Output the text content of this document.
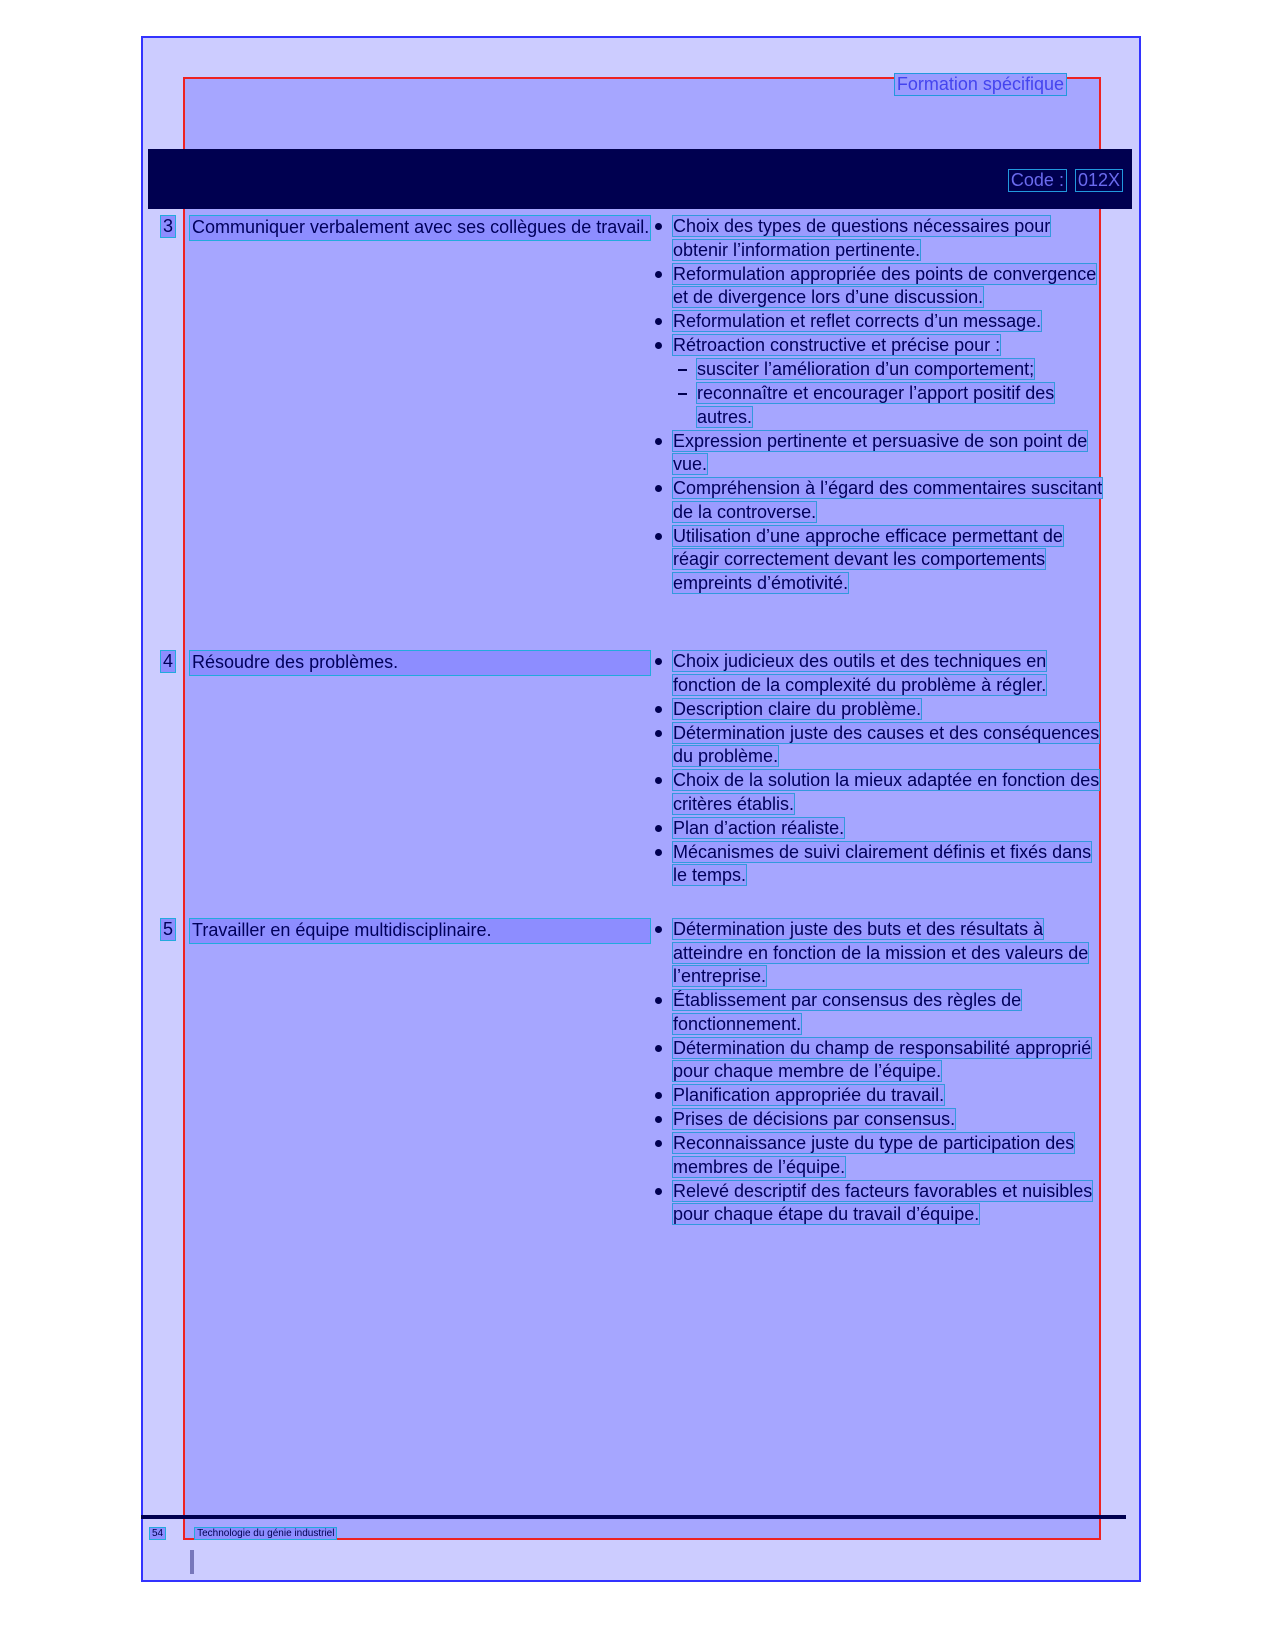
Formation spécifique
Code : 012X
3 Communiquer verbalement avec ses collègues de travail.	Choix des types de questions nécessaires pour obtenir l’information pertinente.
Reformulation appropriée des points de convergence et de divergence lors d’une discussion.
Reformulation et reflet corrects d’un message.
Rétroaction constructive et précise pour :
susciter l’amélioration d’un comportement;
reconnaître et encourager l’apport positif des autres.
Expression pertinente et persuasive de son point de vue.
Compréhension à l’égard des commentaires suscitant de la controverse.
Utilisation d’une approche efficace permettant de réagir correctement devant les comportements empreints d’émotivité.
4 Résoudre des problèmes.	Choix judicieux des outils et des techniques en fonction de la complexité du problème à régler.
Description claire du problème.
Détermination juste des causes et des conséquences du problème.
Choix de la solution la mieux adaptée en fonction des critères établis.
Plan d’action réaliste.
Mécanismes de suivi clairement définis et fixés dans le temps.
5 Travailler en équipe multidisciplinaire.	Détermination juste des buts et des résultats à atteindre en fonction de la mission et des valeurs de l’entreprise.
Établissement par consensus des règles de fonctionnement.
Détermination du champ de responsabilité approprié pour chaque membre de l’équipe.
Planification appropriée du travail.
Prises de décisions par consensus.
Reconnaissance juste du type de participation des membres de l’équipe.
Relevé descriptif des facteurs favorables et nuisibles pour chaque étape du travail d’équipe.
54	Technologie du génie industriel
